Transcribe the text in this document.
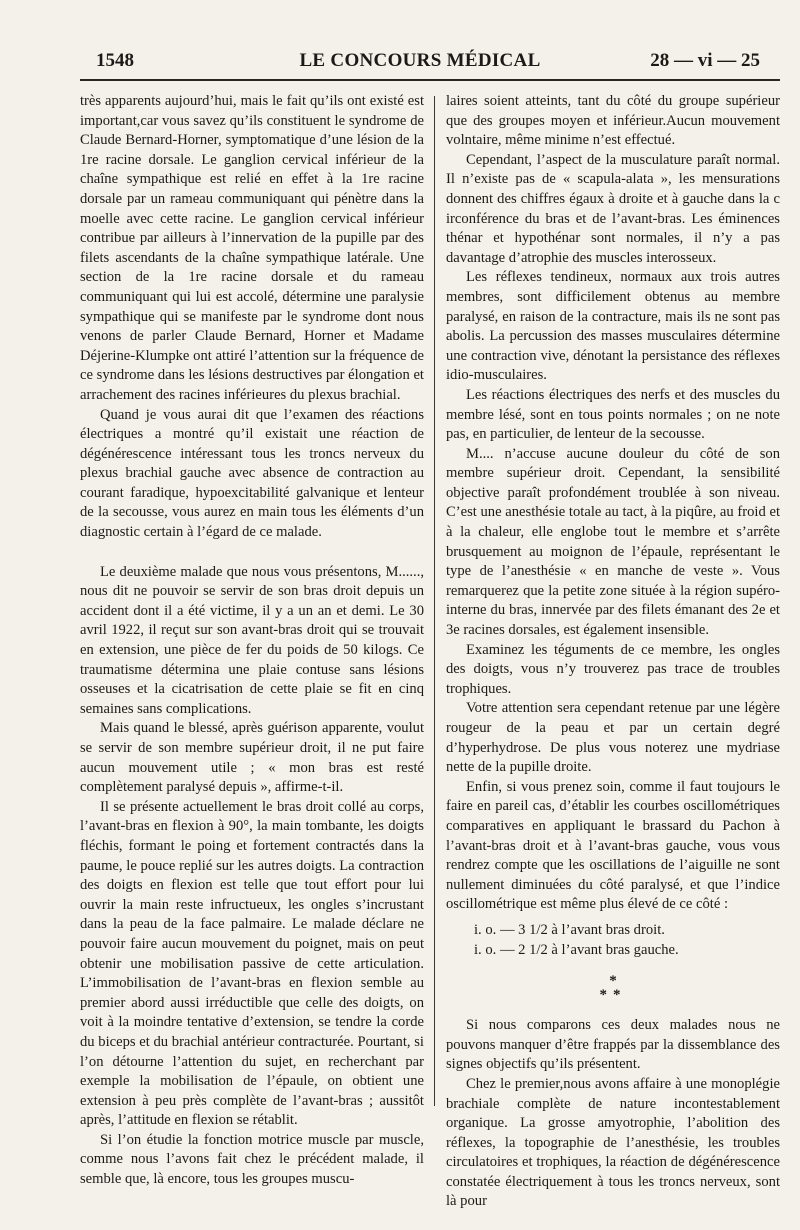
1548	LE CONCOURS MÉDICAL	28 — vi — 25

très apparents aujourd’hui, mais le fait qu’ils ont existé est important,car vous savez qu’ils constituent le syndrome de Claude Bernard-Horner, symptomatique d’une lésion de la 1re racine dorsale. Le ganglion cervical inférieur de la chaîne sympathique est relié en effet à la 1re racine dorsale par un rameau communiquant qui pénètre dans la moelle avec cette racine. Le ganglion cervical inférieur contribue par ailleurs à l’innervation de la pupille par des filets ascendants de la chaîne sympathique latérale. Une section de la 1re racine dorsale et du rameau communiquant qui lui est accolé, détermine une paralysie sympathique qui se manifeste par le syndrome dont nous venons de parler Claude Bernard, Horner et Madame Déjerine-Klumpke ont attiré l’attention sur la fréquence de ce syndrome dans les lésions destructives par élongation et arrachement des racines inférieures du plexus brachial.

Quand je vous aurai dit que l’examen des réactions électriques a montré qu’il existait une réaction de dégénérescence intéressant tous les troncs nerveux du plexus brachial gauche avec absence de contraction au courant faradique, hypoexcitabilité galvanique et lenteur de la secousse, vous aurez en main tous les éléments d’un diagnostic certain à l’égard de ce malade.

Le deuxième malade que nous vous présentons, M......, nous dit ne pouvoir se servir de son bras droit depuis un accident dont il a été victime, il y a un an et demi. Le 30 avril 1922, il reçut sur son avant-bras droit qui se trouvait en extension, une pièce de fer du poids de 50 kilogs. Ce traumatisme détermina une plaie contuse sans lésions osseuses et la cicatrisation de cette plaie se fit en cinq semaines sans complications.

Mais quand le blessé, après guérison apparente, voulut se servir de son membre supérieur droit, il ne put faire aucun mouvement utile ; « mon bras est resté complètement paralysé depuis », affirme-t-il.

Il se présente actuellement le bras droit collé au corps, l’avant-bras en flexion à 90°, la main tombante, les doigts fléchis, formant le poing et fortement contractés dans la paume, le pouce replié sur les autres doigts. La contraction des doigts en flexion est telle que tout effort pour lui ouvrir la main reste infructueux, les ongles s’incrustant dans la peau de la face palmaire. Le malade déclare ne pouvoir faire aucun mouvement du poignet, mais on peut obtenir une mobilisation passive de cette articulation. L’immobilisation de l’avant-bras en flexion semble au premier abord aussi irréductible que celle des doigts, on voit à la moindre tentative d’extension, se tendre la corde du biceps et du brachial antérieur contracturée. Pourtant, si l’on détourne l’attention du sujet, en recherchant par exemple la mobilisation de l’épaule, on obtient une extension à peu près complète de l’avant-bras ; aussitôt après, l’attitude en flexion se rétablit.

Si l’on étudie la fonction motrice muscle par muscle, comme nous l’avons fait chez le précédent malade, il semble que, là encore, tous les groupes muscu-

laires soient atteints, tant du côté du groupe supérieur que des groupes moyen et inférieur.Aucun mouvement volntaire, même minime n’est effectué.

Cependant, l’aspect de la musculature paraît normal. Il n’existe pas de « scapula-alata », les mensurations donnent des chiffres égaux à droite et à gauche dans la c irconférence du bras et de l’avant-bras. Les éminences thénar et hypothénar sont normales, il n’y a pas davantage d’atrophie des muscles interosseux.

Les réflexes tendineux, normaux aux trois autres membres, sont difficilement obtenus au membre paralysé, en raison de la contracture, mais ils ne sont pas abolis. La percussion des masses musculaires détermine une contraction vive, dénotant la persistance des réflexes idio-musculaires.

Les réactions électriques des nerfs et des muscles du membre lésé, sont en tous points normales ; on ne note pas, en particulier, de lenteur de la secousse.

M.... n’accuse aucune douleur du côté de son membre supérieur droit. Cependant, la sensibilité objective paraît profondément troublée à son niveau. C’est une anesthésie totale au tact, à la piqûre, au froid et à la chaleur, elle englobe tout le membre et s’arrête brusquement au moignon de l’épaule, représentant le type de l’anesthésie « en manche de veste ». Vous remarquerez que la petite zone située à la région supéro-interne du bras, innervée par des filets émanant des 2e et 3e racines dorsales, est également insensible.

Examinez les téguments de ce membre, les ongles des doigts, vous n’y trouverez pas trace de troubles trophiques.

Votre attention sera cependant retenue par une légère rougeur de la peau et par un certain degré d’hyperhydrose. De plus vous noterez une mydriase nette de la pupille droite.

Enfin, si vous prenez soin, comme il faut toujours le faire en pareil cas, d’établir les courbes oscillométriques comparatives en appliquant le brassard du Pachon à l’avant-bras droit et à l’avant-bras gauche, vous vous rendrez compte que les oscillations de l’aiguille ne sont nullement diminuées du côté paralysé, et que l’indice oscillométrique est même plus élevé de ce côté :

i. o. — 3 1/2 à l’avant bras droit.

i. o. — 2 1/2 à l’avant bras gauche.

*
**

Si nous comparons ces deux malades nous ne pouvons manquer d’être frappés par la dissemblance des signes objectifs qu’ils présentent.

Chez le premier,nous avons affaire à une monoplégie brachiale complète de nature incontestablement organique. La grosse amyotrophie, l’abolition des réflexes, la topographie de l’anesthésie, les troubles circulatoires et trophiques, la réaction de dégénérescence constatée électriquement à tous les troncs nerveux, sont là pour
